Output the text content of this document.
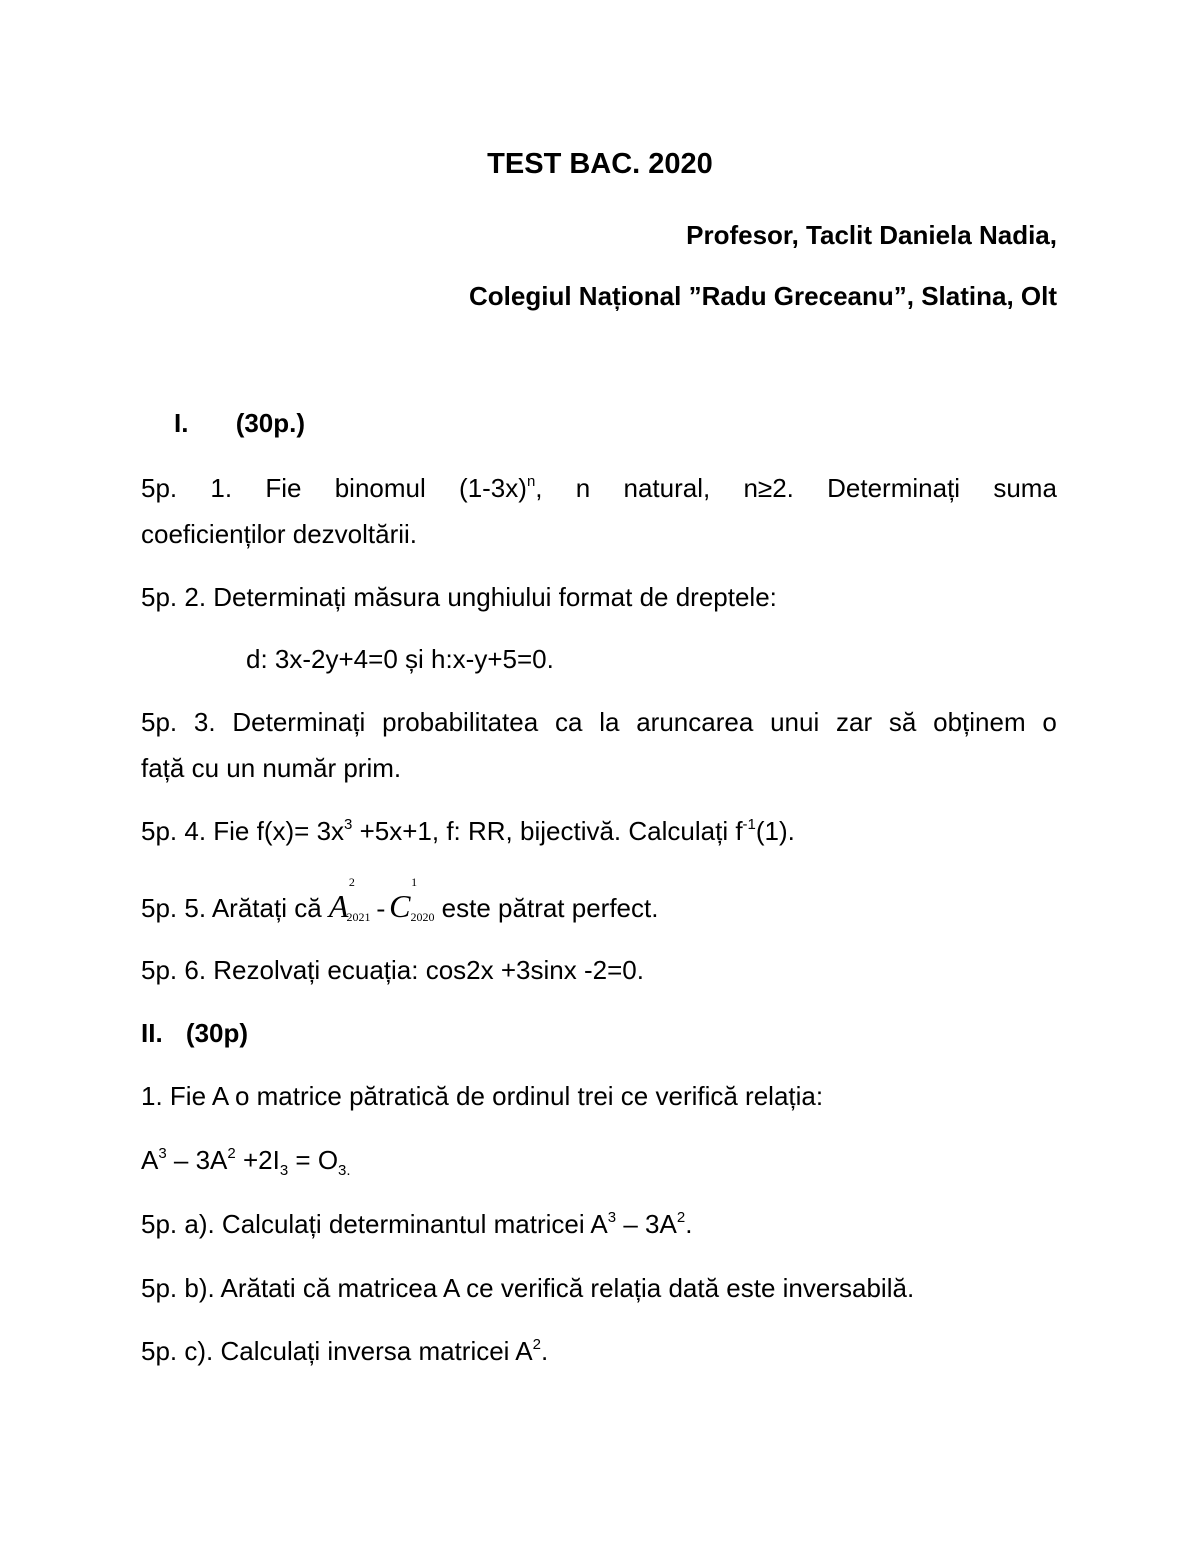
TEST BAC. 2020
Profesor, Taclit Daniela Nadia,
Colegiul Național ”Radu Greceanu”, Slatina, Olt
I. (30p.)
5p. 1. Fie binomul $(1-3x)^n$, n natural, n≥2. Determinați suma
coeficienților dezvoltării.
5p. 2. Determinați măsura unghiului format de dreptele:
d: 3x-2y+4=0 și h:x-y+5=0.
5p. 3. Determinați probabilitatea ca la aruncarea unui zar să obținem o
față cu un număr prim.
5p. 4. Fie $f(x)= 3x^3 +5x+1$, f: RR, bijectivă. Calculați $f^{-1}(1)$.
5p. 5. Arătați că A
2
2021 - C
1
2020 este pătrat perfect.
5p. 6. Rezolvați ecuația: cos2x +3sinx -2=0.
II. (30p)
1. Fie A o matrice pătratică de ordinul trei ce verifică relația:
$A^3 - 3A^2 +2I_3 = O_{3.}$
5p. a). Calculați determinantul matricei $A^3 - 3A^2$.
5p. b). Arătati că matricea A ce verifică relația dată este inversabilă.
5p. c). Calculați inversa matricei $A^2$.
